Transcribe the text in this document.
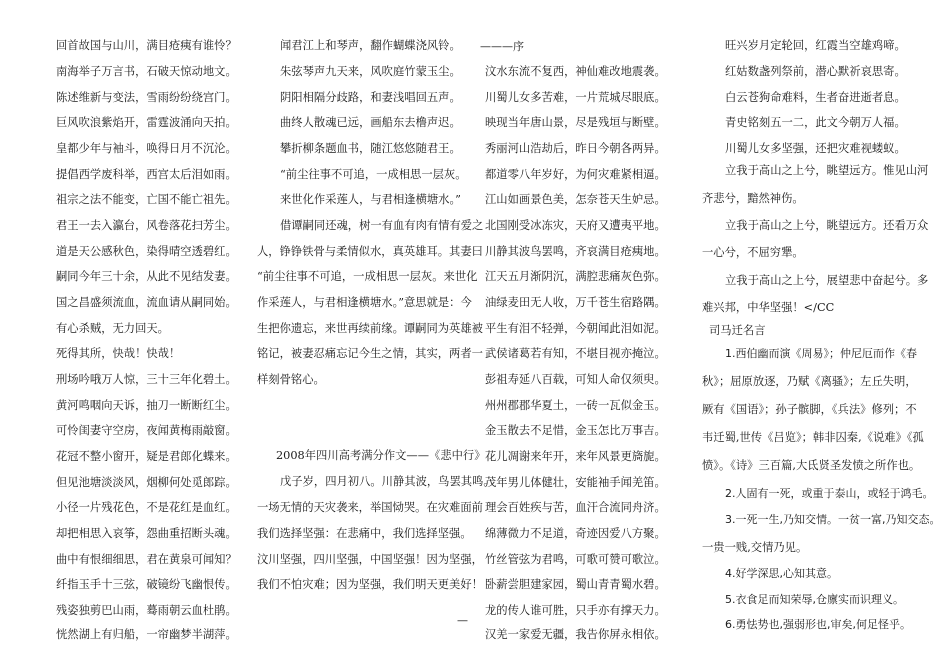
回首故国与山川，满目疮痍有谁怜？
南海举子万言书，石破天惊动地文。
陈述维新与变法，雪雨纷纷绕宫门。
巨风吹浪紫焰开，雷霆波涌向天拍。
皇都少年与袖斗，唤得日月不沉沦。
提倡西学废科举，西宫太后泪如雨。
祖宗之法不能变，亡国不能亡祖先。
君王一去入瀛台，风卷落花扫芳尘。
道是天公感秋色，染得晴空透碧红。
嗣同今年三十余，从此不见结发妻。
国之昌盛须流血，流血请从嗣同始。
有心杀贼，无力回天。
死得其所，快哉！快哉！
刑场吟哦万人惊，三十三年化碧土。
黄河鸣咽向天诉，抽刀一断断红尘。
可怜闺妻守空房，夜闻黄梅雨敲窗。
花冠不整小窗开，疑是君郎化蝶来。
但见池塘淡淡风，烟柳何处觅郎踪。
小径一片残花色，不是花红是血红。
却把相思入哀筝，怨曲重招断头魂。
曲中有恨细细思，君在黄泉可闻知？
纤指玉手十三弦，破镜纷飞幽恨传。
残姿独剪巴山雨，蓦雨朝云血杜鹃。
恍然湖上有归船，一帘幽梦半湖萍。
闻君江上和琴声，翻作蝴蝶浇风铃。
朱弦琴声九天来，风吹庭竹蒙玉尘。
阴阳相隔分歧路，和妻浅唱回五声。
曲终人散魂已远，画船东去橹声迟。
攀折柳条题血书，随江悠悠随君王。
“前尘往事不可追，一成相思一层灰。
来世化作采莲人，与君相逢横塘水。”
借谭嗣同还魂，树一有血有肉有情有爱之
人，铮铮铁骨与柔情似水，真英雄耳。其妻曰
“前尘往事不可追，一成相思一层灰。来世化
作采莲人，与君相逢横塘水。”意思就是：今
生把你遗忘，来世再续前缘。谭嗣同为英雄被
铭记，被妻忍痛忘记今生之情，其实，两者一
样刻骨铭心。
2008年四川高考满分作文——《悲中行》
戊子岁，四月初八。川静其波，鸟罢其鸣。
一场无情的天灾袭来，举国恸哭。在灾难面前
我们选择坚强：在悲痛中，我们选择坚强。
汶川坚强，四川坚强，中国坚强！因为坚强，
我们不怕灾难；因为坚强，我们明天更美好！
———序
汶水东流不复西，神仙难改地震袭。
川蜀儿女多苦难，一片荒城尽眼底。
映现当年唐山景，尽是残垣与断壁。
秀丽河山浩劫后，昨日今朝各两异。
都道零八年岁好，为何灾难紧相逼。
江山如画景色美，怎奈苍天生妒忌。
北国刚受冰冻灾，天府又遭夷平地。
川静其波鸟罢鸣，齐哀满目疮痍地。
江天五月渐阴沉，满腔悲痛灰色弥。
油绿麦田无人收，万千苍生宿路隅。
平生有泪不轻弹，今朝闻此泪如泥。
武侯诸葛若有知，不堪目视亦掩泣。
彭祖寿延八百载，可知人命仅须臾。
州州郡郡华夏土，一砖一瓦似金玉。
金玉散去不足惜，金玉怎比万事吉。
花儿凋谢来年开，来年风景更旖旎。
茂年男儿体健壮，安能袖手闻羌笛。
理会百姓疾与苦，血汗合流同舟济。
绵薄微力不足道，奇迹因爱八方聚。
竹丝管弦为君鸣，可歌可赞可歌泣。
卧薪尝胆建家园，蜀山青青蜀水碧。
龙的传人谁可胜，只手亦有撑天力。
汉羌一家爱无疆，我告你屏永相依。
—
旺兴岁月定轮回，红霞当空雄鸡啼。
红姑数盏列祭前，潜心默祈哀思寄。
白云苍狗命难料，生者奋进逝者息。
青史铭刻五一二，此文今朝万人福。
川蜀儿女多坚强，还把灾难视蝼蚁。
立我于高山之上兮，眺望远方。惟见山河
齐悲兮，黯然神伤。
立我于高山之上兮，眺望远方。还看万众
一心兮，不屈穷犟。
立我于高山之上兮，展望悲中奋起兮。多
难兴邦，中华坚强！</CC
司马迁名言
1.西伯幽而演《周易》；仲尼厄而作《春
秋》；屈原放逐，乃赋《离骚》；左丘失明，
厥有《国语》；孙子髌脚，《兵法》修列；不
韦迁蜀,世传《吕览》；韩非囚秦,《说难》《孤
愤》。《诗》三百篇,大氐贤圣发愤之所作也。
2.人固有一死，或重于泰山，或轻于鸿毛。
3.一死一生,乃知交情。一贫一富,乃知交态。
一贵一贱,交情乃见。
4.好学深思,心知其意。
5.衣食足而知荣辱,仓廪实而识理义。
6.勇怯势也,强弱形也,审矣,何足怪乎。
